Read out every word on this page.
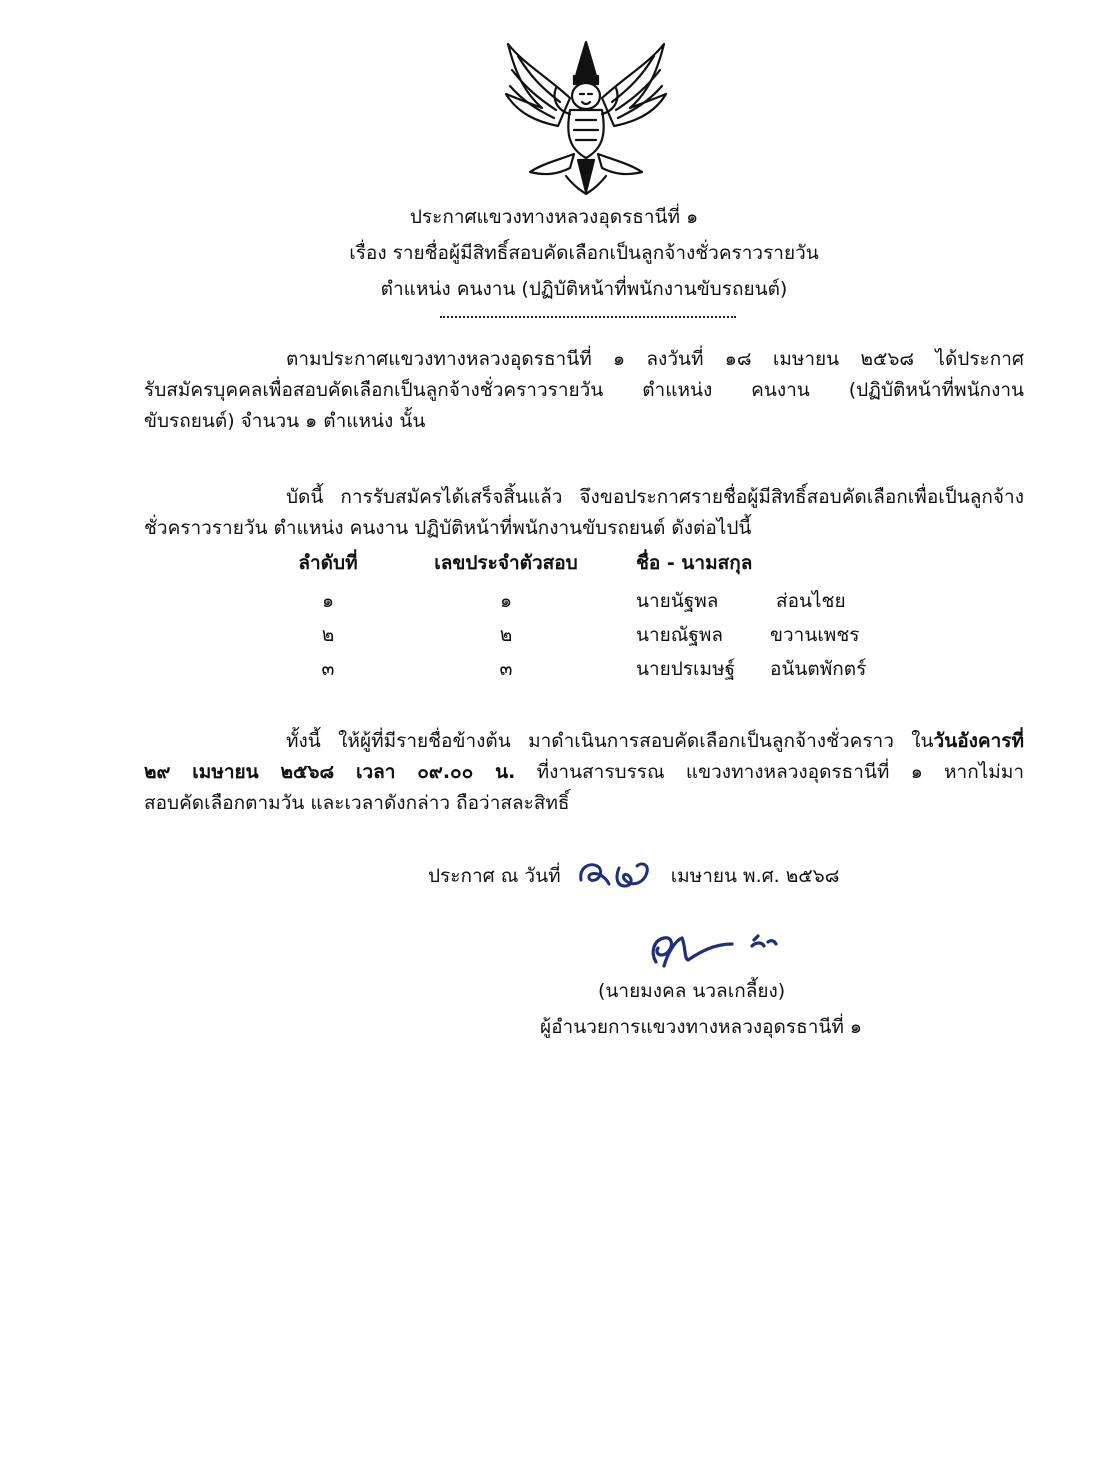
ประกาศแขวงทางหลวงอุดรธานีที่ ๑
เรื่อง รายชื่อผู้มีสิทธิ์สอบคัดเลือกเป็นลูกจ้างชั่วคราวรายวัน
ตำแหน่ง คนงาน (ปฏิบัติหน้าที่พนักงานขับรถยนต์)
ตามประกาศแขวงทางหลวงอุดรธานีที่ ๑ ลงวันที่ ๑๘ เมษายน ๒๕๖๘ ได้ประกาศ
รับสมัครบุคคลเพื่อสอบคัดเลือกเป็นลูกจ้างชั่วคราวรายวัน ตำแหน่ง คนงาน (ปฏิบัติหน้าที่พนักงาน
ขับรถยนต์) จำนวน ๑ ตำแหน่ง นั้น
บัดนี้ การรับสมัครได้เสร็จสิ้นแล้ว จึงขอประกาศรายชื่อผู้มีสิทธิ์สอบคัดเลือกเพื่อเป็นลูกจ้าง
ชั่วคราวรายวัน ตำแหน่ง คนงาน ปฏิบัติหน้าที่พนักงานขับรถยนต์ ดังต่อไปนี้
ลำดับที่	เลขประจำตัวสอบ	ชื่อ - นามสกุล
๑	๑	นายนัฐพล	ส่อนไชย
๒	๒	นายณัฐพล ขวานเพชร
๓	๓	นายปรเมษฐ์ อนันตพักตร์
ทั้งนี้ ให้ผู้ที่มีรายชื่อข้างต้น มาดำเนินการสอบคัดเลือกเป็นลูกจ้างชั่วคราว ในวันอังคารที่
๒๙ เมษายน ๒๕๖๘ เวลา ๐๙.๐๐ น. ที่งานสารบรรณ แขวงทางหลวงอุดรธานีที่ ๑ หากไม่มา
สอบคัดเลือกตามวัน และเวลาดังกล่าว ถือว่าสละสิทธิ์
ประกาศ ณ วันที่	เมษายน พ.ศ. ๒๕๖๘
(นายมงคล นวลเกลี้ยง)
ผู้อำนวยการแขวงทางหลวงอุดรธานีที่ ๑
